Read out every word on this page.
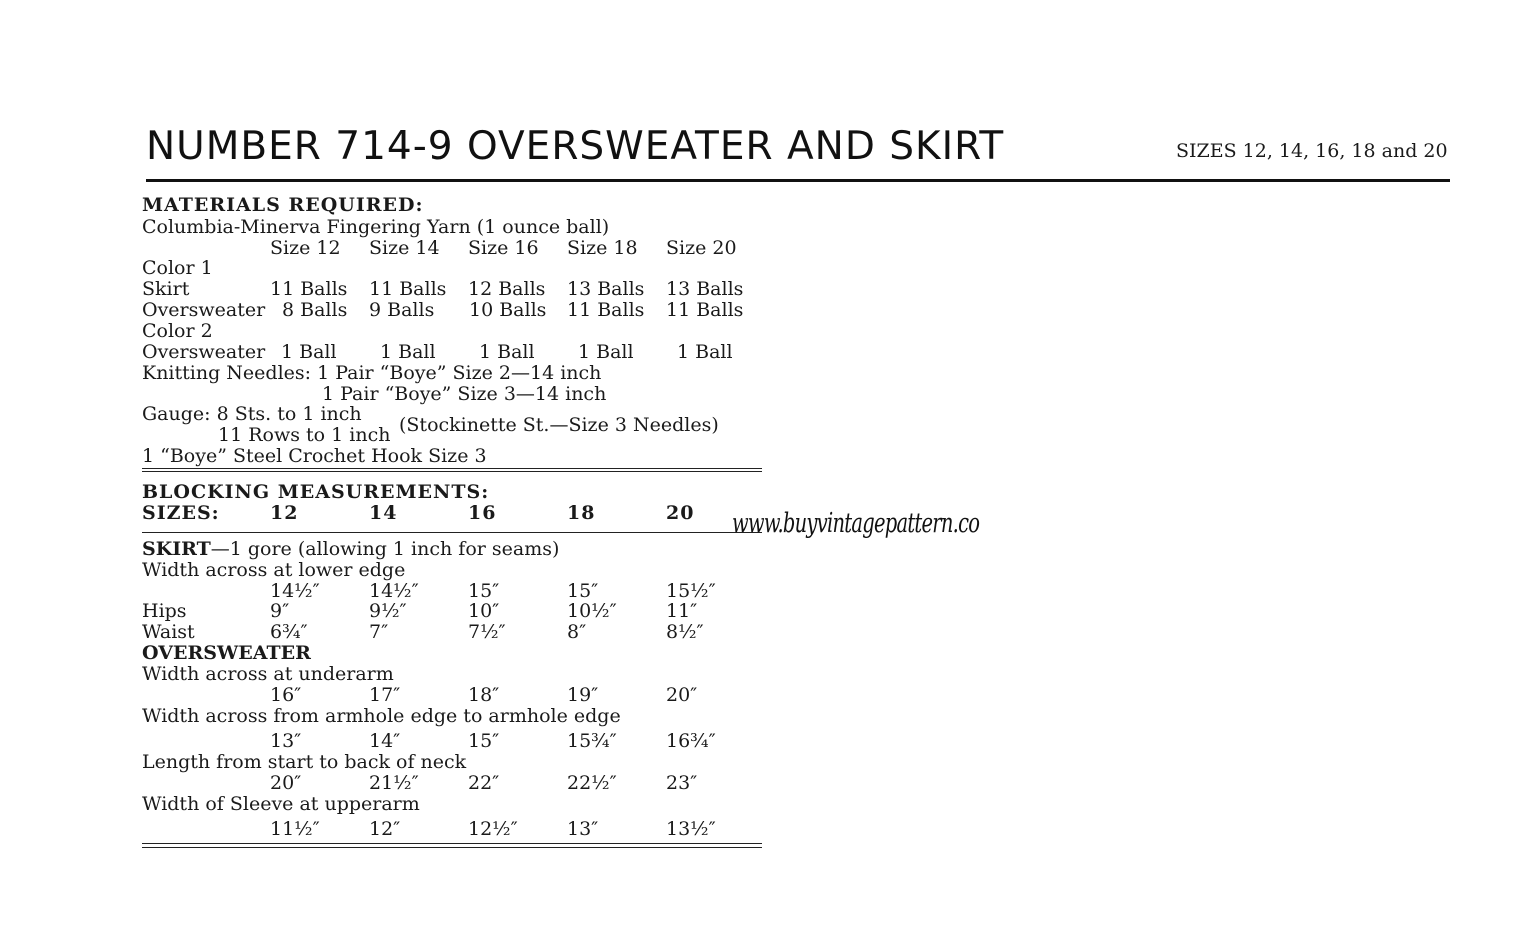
NUMBER 714-9 OVERSWEATER AND SKIRT	SIZES 12, 14, 16, 18 and 20
MATERIALS REQUIRED:
Columbia-Minerva Fingering Yarn (1 ounce ball)
Size 12 Size 14 Size 16 Size 18 Size 20
Color 1
Skirt	11 Balls 11 Balls 12 Balls 13 Balls 13 Balls
Oversweater 8 Balls 9 Balls 10 Balls 11 Balls 11 Balls
Color 2
Oversweater 1 Ball 1 Ball 1 Ball 1 Ball 1 Ball
Knitting Needles: 1 Pair “Boye” Size 2—14 inch
1 Pair “Boye” Size 3—14 inch
Gauge: 8 Sts. to 1 inch
11 Rows to 1 inch (Stockinette St.—Size 3 Needles)
1 “Boye” Steel Crochet Hook Size 3
BLOCKING MEASUREMENTS:
SIZES:	12	14	16	18	20
SKIRT—1 gore (allowing 1 inch for seams)
Width across at lower edge
14½″	14½″	15″	15″	15½″
Hips	9″	9½″	10″	10½″	11″
Waist	6¾″	7″	7½″	8″	8½″
OVERSWEATER
Width across at underarm
16″	17″	18″	19″	20″
Width across from armhole edge to armhole edge
13″	14″	15″	15¾″	16¾″
Length from start to back of neck
20″	21½″	22″	22½″	23″
Width of Sleeve at upperarm
11½″	12″	12½″	13″	13½″
www.buyvintagepattern.co
